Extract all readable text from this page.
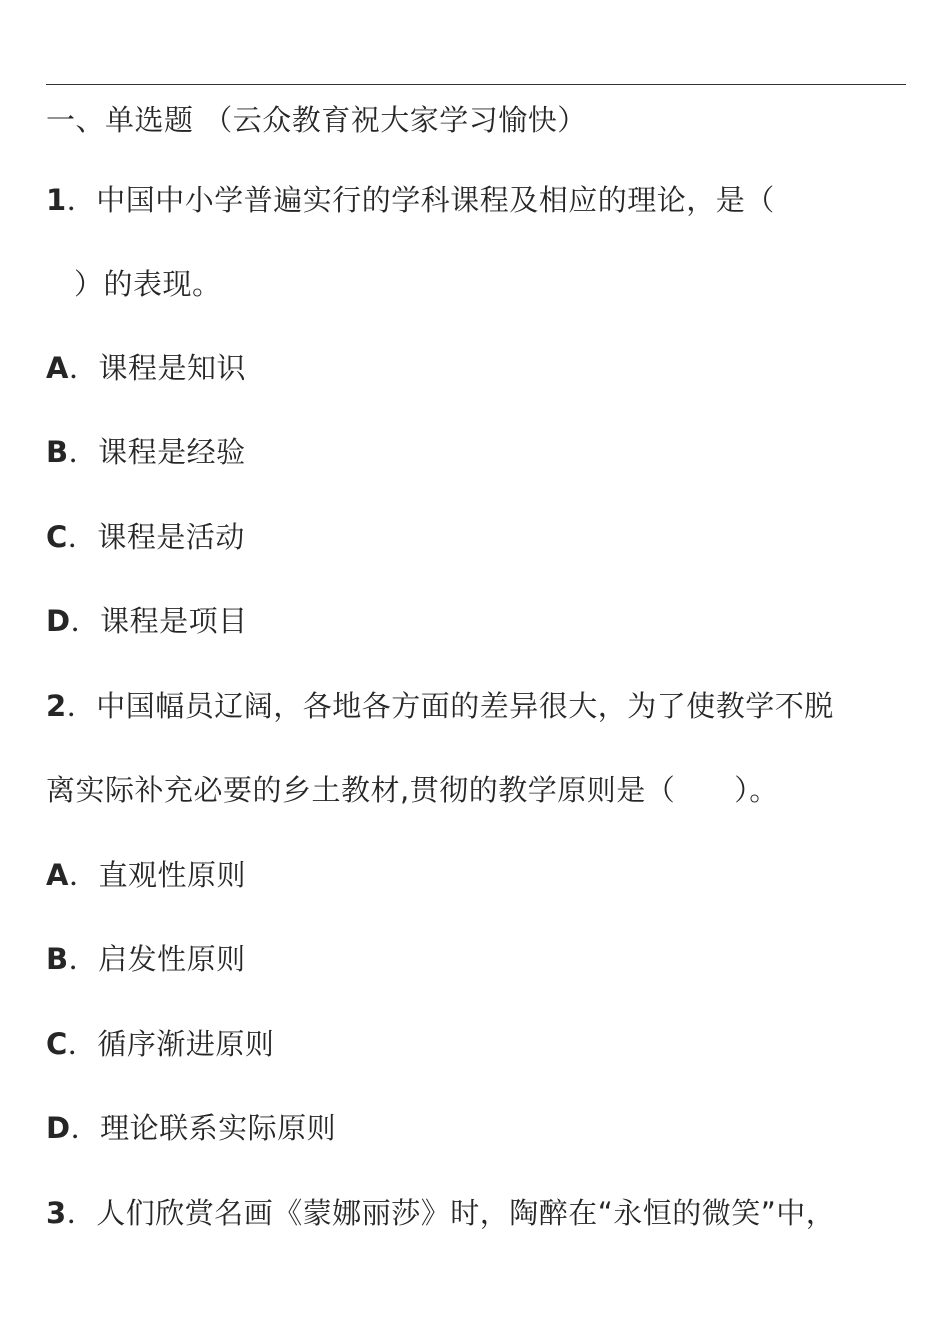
一、单选题 （云众教育祝大家学习愉快）
1．中国中小学普遍实行的学科课程及相应的理论，是（
）的表现。
A．课程是知识
B．课程是经验
C．课程是活动
D．课程是项目
2．中国幅员辽阔，各地各方面的差异很大，为了使教学不脱
离实际补充必要的乡土教材,贯彻的教学原则是（　　）。
A．直观性原则
B．启发性原则
C．循序渐进原则
D．理论联系实际原则
3．人们欣赏名画《蒙娜丽莎》时，陶醉在“永恒的微笑”中，
